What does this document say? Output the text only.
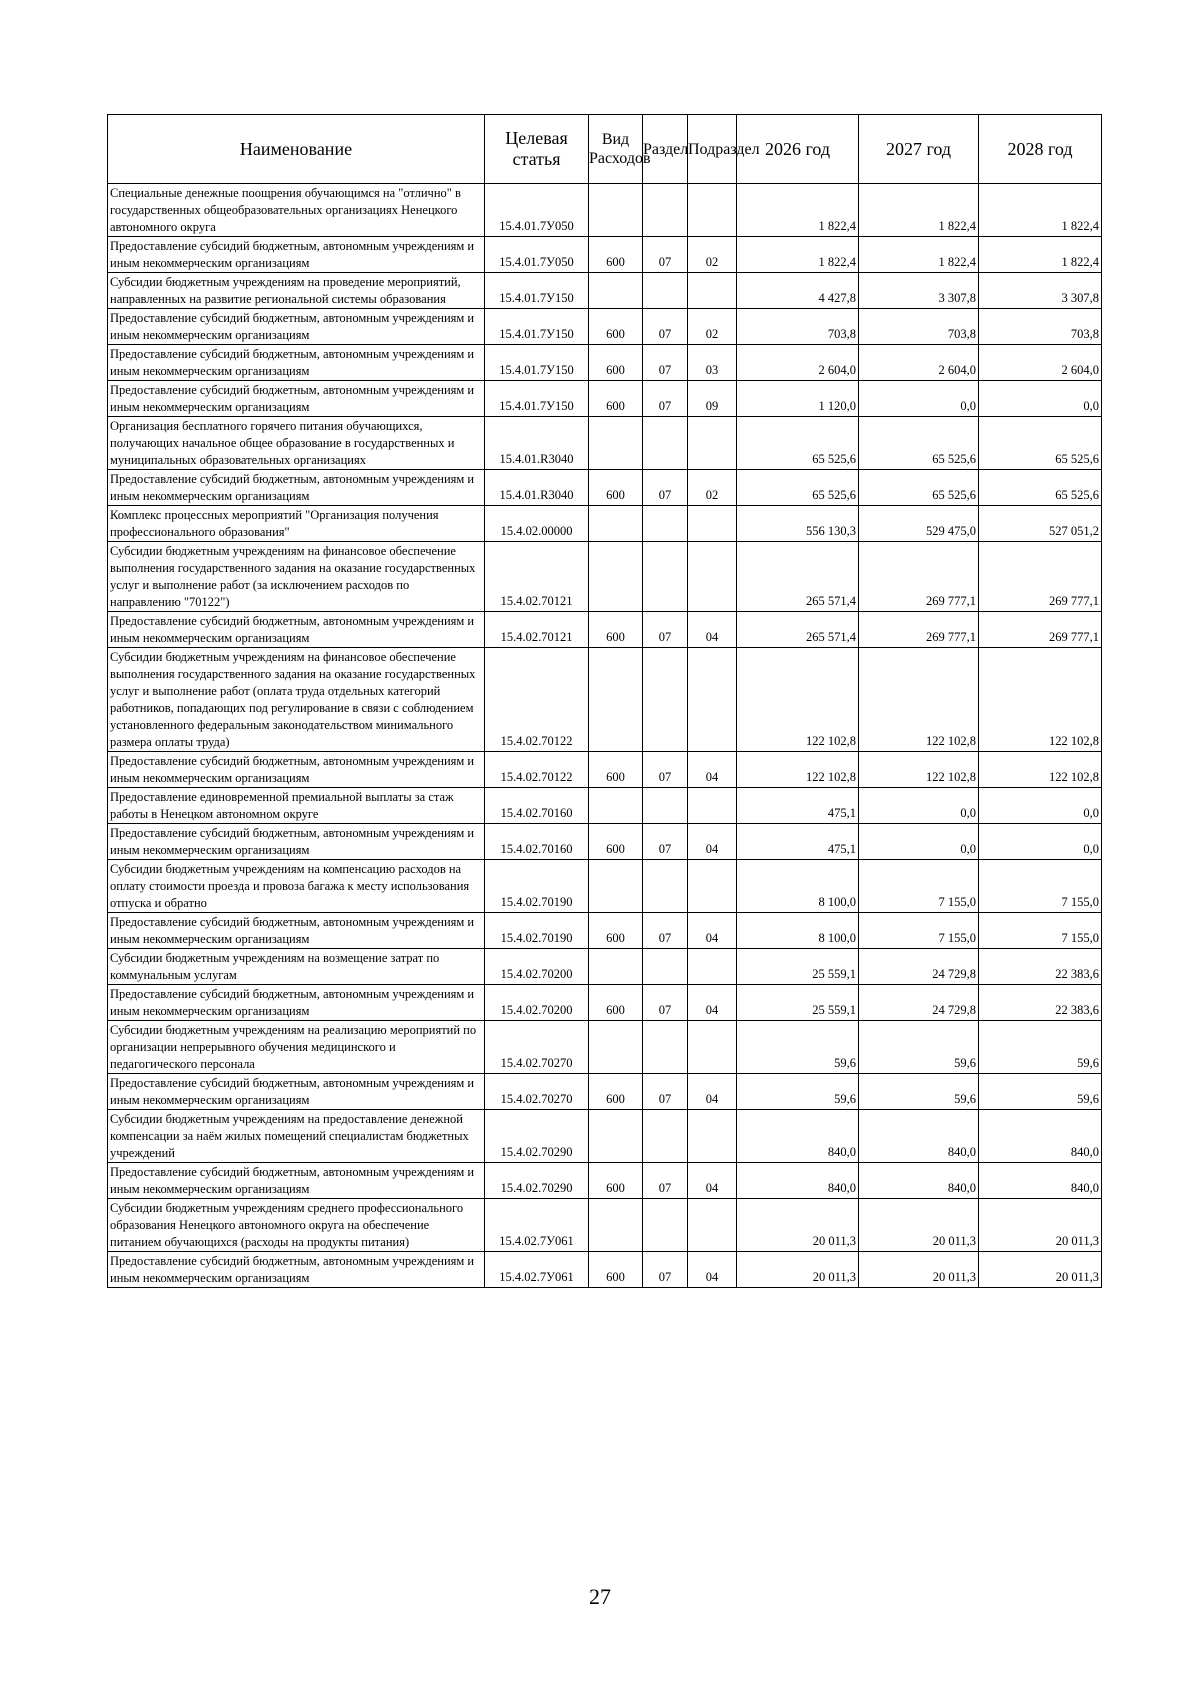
Наименование	Целевая статья	Вид Расходов	Раздел	Подраздел	2026 год	2027 год	2028 год
Специальные денежные поощрения обучающимся на "отлично" в государственных общеобразовательных организациях Ненецкого автономного округа	15.4.01.7У050				1 822,4	1 822,4	1 822,4
Предоставление субсидий бюджетным, автономным учреждениям и иным некоммерческим организациям	15.4.01.7У050	600	07	02	1 822,4	1 822,4	1 822,4
Субсидии бюджетным учреждениям на проведение мероприятий, направленных на развитие региональной системы образования	15.4.01.7У150				4 427,8	3 307,8	3 307,8
Предоставление субсидий бюджетным, автономным учреждениям и иным некоммерческим организациям	15.4.01.7У150	600	07	02	703,8	703,8	703,8
Предоставление субсидий бюджетным, автономным учреждениям и иным некоммерческим организациям	15.4.01.7У150	600	07	03	2 604,0	2 604,0	2 604,0
Предоставление субсидий бюджетным, автономным учреждениям и иным некоммерческим организациям	15.4.01.7У150	600	07	09	1 120,0	0,0	0,0
Организация бесплатного горячего питания обучающихся, получающих начальное общее образование в государственных и муниципальных образовательных организациях	15.4.01.R3040				65 525,6	65 525,6	65 525,6
Предоставление субсидий бюджетным, автономным учреждениям и иным некоммерческим организациям	15.4.01.R3040	600	07	02	65 525,6	65 525,6	65 525,6
Комплекс процессных мероприятий "Организация получения профессионального образования"	15.4.02.00000				556 130,3	529 475,0	527 051,2
Субсидии бюджетным учреждениям на финансовое обеспечение выполнения государственного задания на оказание государственных услуг и выполнение работ (за исключением расходов по направлению "70122")	15.4.02.70121				265 571,4	269 777,1	269 777,1
Предоставление субсидий бюджетным, автономным учреждениям и иным некоммерческим организациям	15.4.02.70121	600	07	04	265 571,4	269 777,1	269 777,1
Субсидии бюджетным учреждениям на финансовое обеспечение выполнения государственного задания на оказание государственных услуг и выполнение работ (оплата труда отдельных категорий работников, попадающих под регулирование в связи с соблюдением установленного федеральным законодательством минимального размера оплаты труда)	15.4.02.70122				122 102,8	122 102,8	122 102,8
Предоставление субсидий бюджетным, автономным учреждениям и иным некоммерческим организациям	15.4.02.70122	600	07	04	122 102,8	122 102,8	122 102,8
Предоставление единовременной премиальной выплаты за стаж работы в Ненецком автономном округе	15.4.02.70160				475,1	0,0	0,0
Предоставление субсидий бюджетным, автономным учреждениям и иным некоммерческим организациям	15.4.02.70160	600	07	04	475,1	0,0	0,0
Субсидии бюджетным учреждениям на компенсацию расходов на оплату стоимости проезда и провоза багажа к месту использования отпуска и обратно	15.4.02.70190				8 100,0	7 155,0	7 155,0
Предоставление субсидий бюджетным, автономным учреждениям и иным некоммерческим организациям	15.4.02.70190	600	07	04	8 100,0	7 155,0	7 155,0
Субсидии бюджетным учреждениям на возмещение затрат по коммунальным услугам	15.4.02.70200				25 559,1	24 729,8	22 383,6
Предоставление субсидий бюджетным, автономным учреждениям и иным некоммерческим организациям	15.4.02.70200	600	07	04	25 559,1	24 729,8	22 383,6
Субсидии бюджетным учреждениям на реализацию мероприятий по организации непрерывного обучения медицинского и педагогического персонала	15.4.02.70270				59,6	59,6	59,6
Предоставление субсидий бюджетным, автономным учреждениям и иным некоммерческим организациям	15.4.02.70270	600	07	04	59,6	59,6	59,6
Субсидии бюджетным учреждениям на предоставление денежной компенсации за наём жилых помещений специалистам бюджетных учреждений	15.4.02.70290				840,0	840,0	840,0
Предоставление субсидий бюджетным, автономным учреждениям и иным некоммерческим организациям	15.4.02.70290	600	07	04	840,0	840,0	840,0
Субсидии бюджетным учреждениям среднего профессионального образования Ненецкого автономного округа на обеспечение питанием обучающихся (расходы на продукты питания)	15.4.02.7У061				20 011,3	20 011,3	20 011,3
Предоставление субсидий бюджетным, автономным учреждениям и иным некоммерческим организациям	15.4.02.7У061	600	07	04	20 011,3	20 011,3	20 011,3
27
